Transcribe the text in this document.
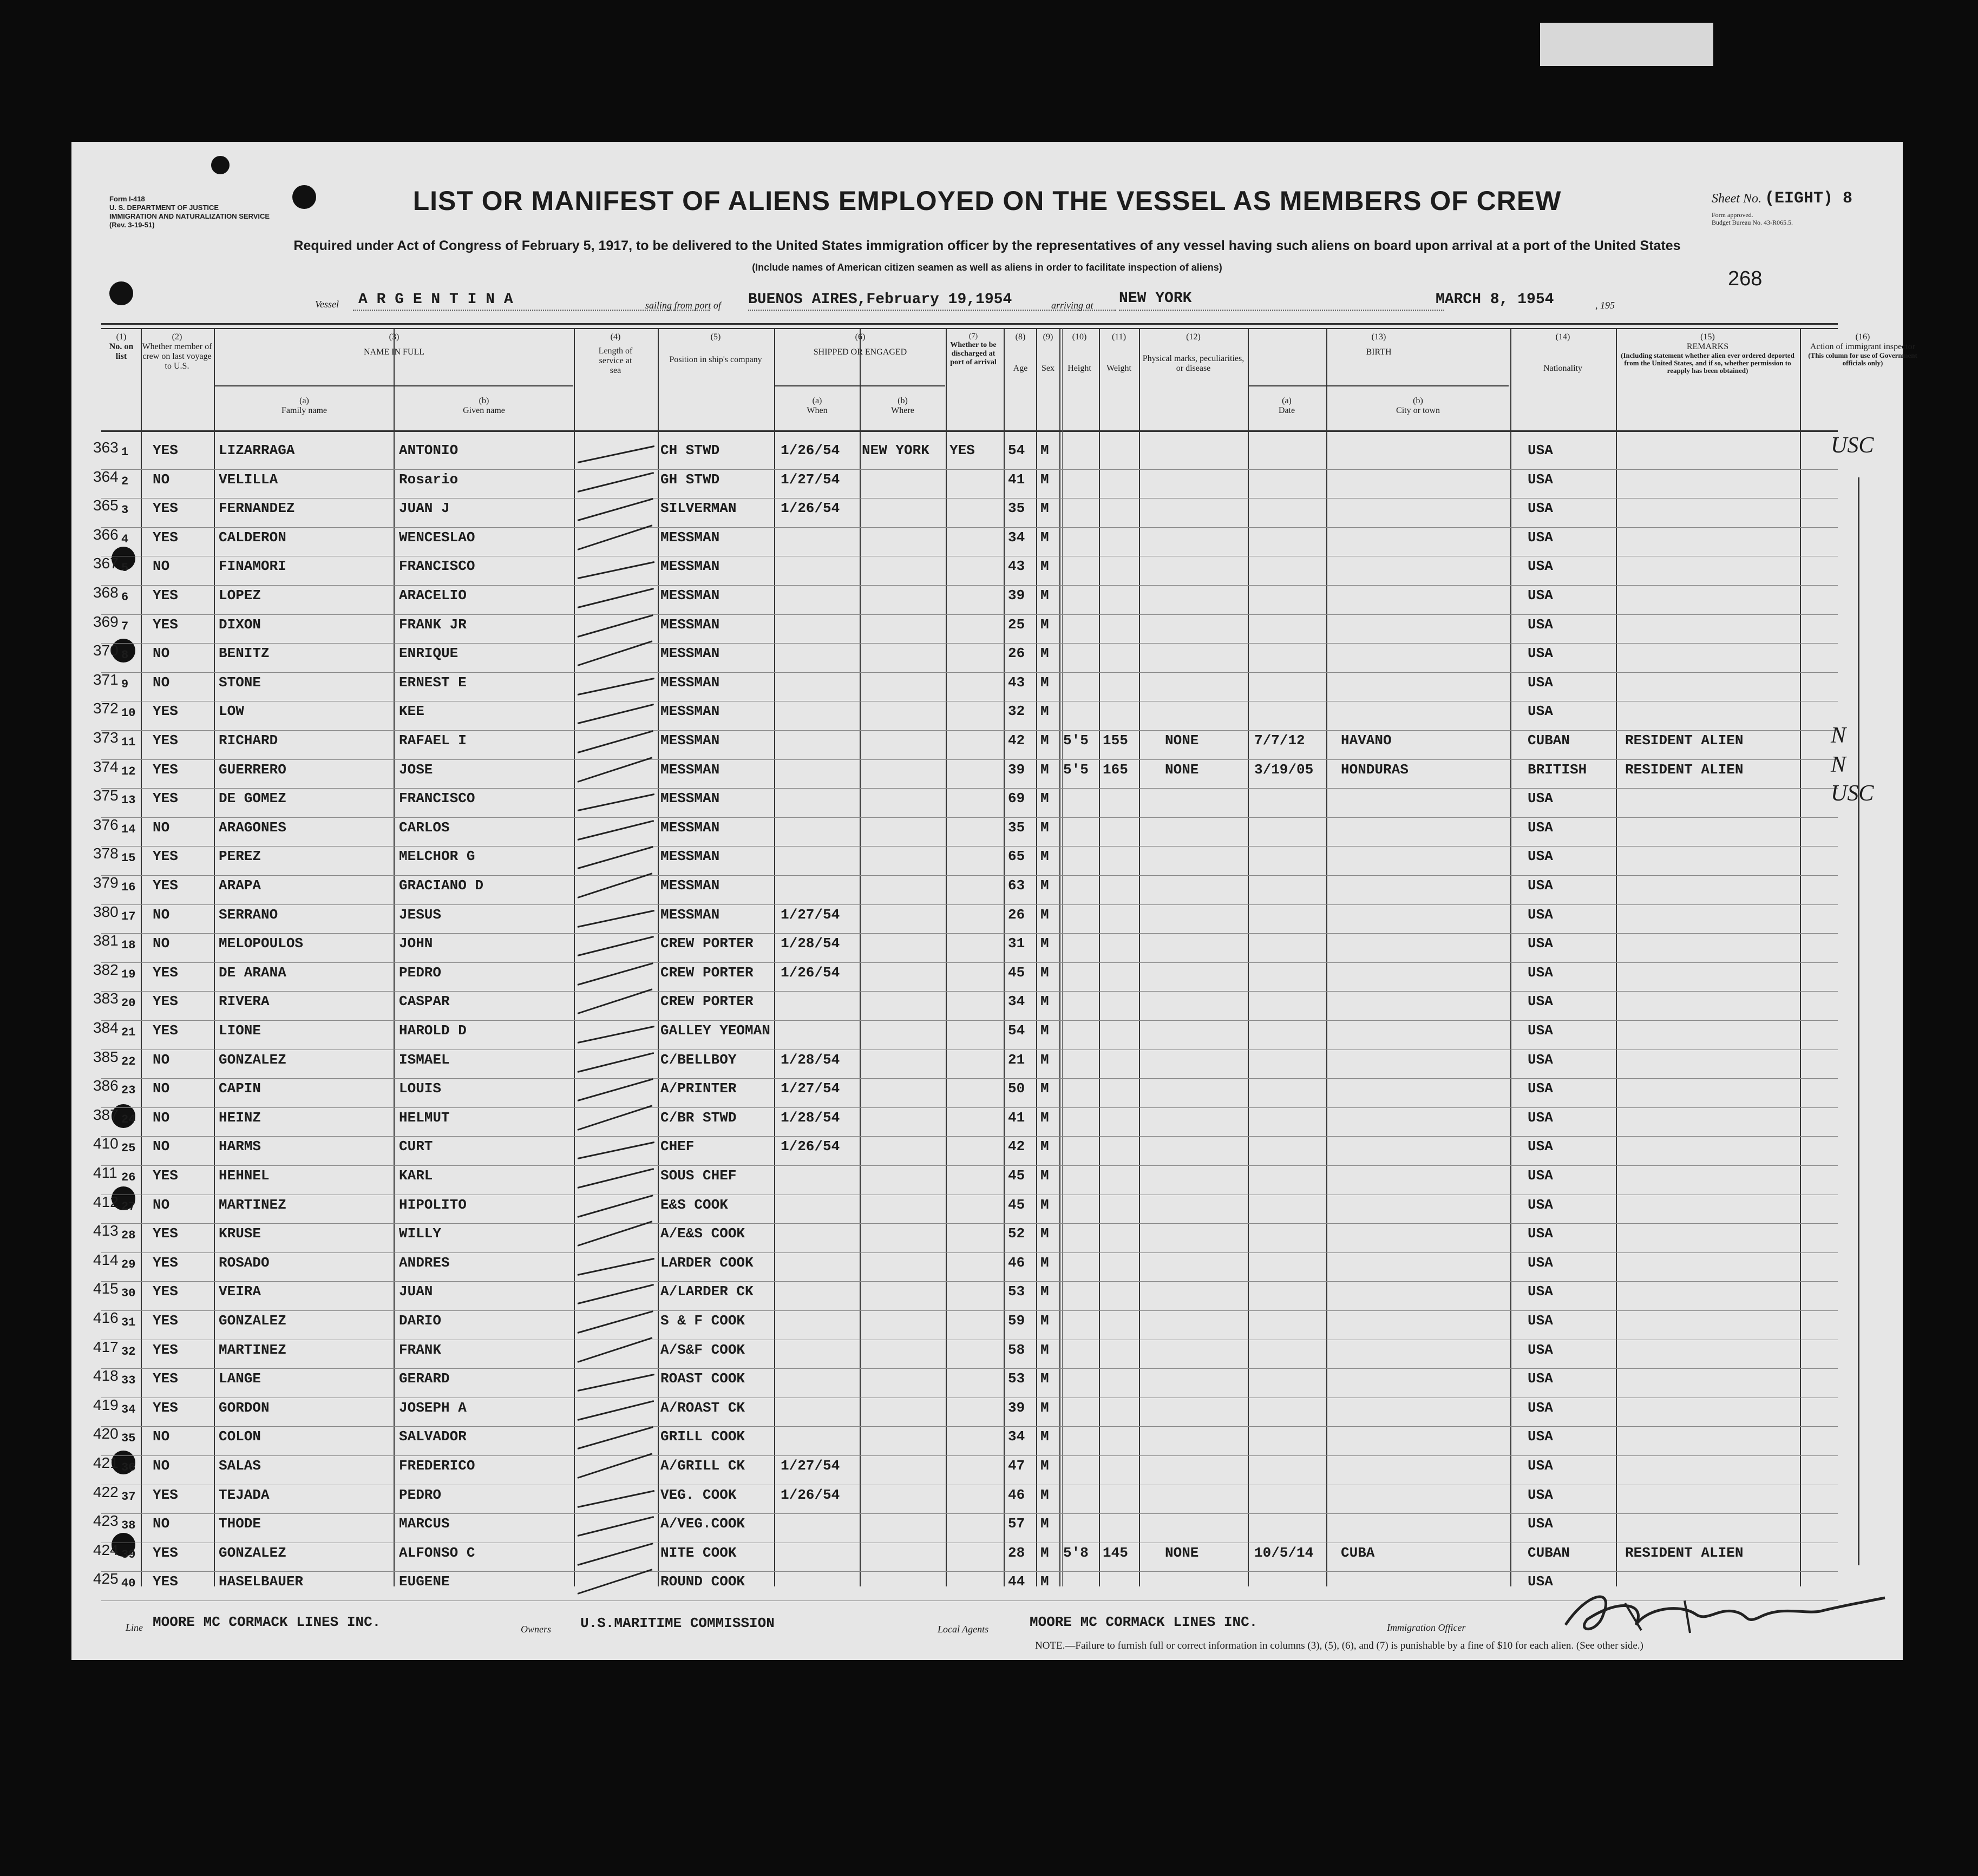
Form I-418
U. S. DEPARTMENT OF JUSTICE
IMMIGRATION AND NATURALIZATION SERVICE
(Rev. 3-19-51)
LIST OR MANIFEST OF ALIENS EMPLOYED ON THE VESSEL AS MEMBERS OF CREW	Sheet No. (EIGHT) 8
Form approved.
Budget Bureau No. 43-R065.5.
Required under Act of Congress of February 5, 1917, to be delivered to the United States immigration officer by the representatives of any vessel having such aliens on board upon arrival at a port of the United States
(Include names of American citizen seamen as well as aliens in order to facilitate inspection of aliens)	268
Vessel A R G E N T I N A	sailing from port of BUENOS AIRES,February 19,1954	arriving at NEW YORK	MARCH 8, 1954	, 195
(1)
No. on list
(2)
Whether member of crew on last voyage to U.S.
(3)
NAME IN FULL
(a)
Family name
(b)
Given name
(4)
Length of service at sea
(5)
Position in ship's company
(6)
SHIPPED OR ENGAGED
(a)
When
(b)
Where
(7)
Whether to be discharged at port of arrival
(8)
Age
(9)
Sex
(10)
Height
(11)
Weight
(12)
Physical marks, peculiarities, or disease
(13)
BIRTH
(a)
Date
(b)
City or town
(14)
Nationality
(15)
REMARKS
(Including statement whether alien ever ordered deported from the United States, and if so, whether permission to reapply has been obtained)
(16)
Action of immigrant inspector
(This column for use of Government officials only)
363 1 YES	LIZARRAGA	ANTONIO	CH STWD	1/26/54 NEW YORK YES 54 M	USA	USC
364 2 NO	VELILLA	Rosario	GH STWD	1/27/54	41 M	USA
365 3 YES	FERNANDEZ	JUAN J	SILVERMAN	1/26/54	35 M	USA
366 4 YES	CALDERON	WENCESLAO	MESSMAN	34 M	USA
367 5 NO	FINAMORI	FRANCISCO	MESSMAN	43 M	USA
368 6 YES	LOPEZ	ARACELIO	MESSMAN	39 M	USA
369 7 YES	DIXON	FRANK JR	MESSMAN	25 M	USA
370 8 NO	BENITZ	ENRIQUE	MESSMAN	26 M	USA
371 9 NO	STONE	ERNEST E	MESSMAN	43 M	USA
372 10 YES	LOW	KEE	MESSMAN	32 M	USA
373 11 YES	RICHARD	RAFAEL I	MESSMAN	42 M 5'5 155	NONE	7/7/12	HAVANO	CUBAN	RESIDENT ALIEN	N
374 12 YES	GUERRERO	JOSE	MESSMAN	39 M 5'5 165	NONE	3/19/05 HONDURAS	BRITISH	RESIDENT ALIEN	N
375 13 YES	DE GOMEZ	FRANCISCO	MESSMAN	69 M	USA	USC
376 14 NO	ARAGONES	CARLOS	MESSMAN	35 M	USA
378 15 YES	PEREZ	MELCHOR G	MESSMAN	65 M	USA
379 16 YES	ARAPA	GRACIANO D	MESSMAN	63 M	USA
380 17 NO	SERRANO	JESUS	MESSMAN	1/27/54	26 M	USA
381 18 NO	MELOPOULOS	JOHN	CREW PORTER 1/28/54	31 M	USA
382 19 YES	DE ARANA	PEDRO	CREW PORTER 1/26/54	45 M	USA
383 20 YES	RIVERA	CASPAR	CREW PORTER	34 M	USA
384 21 YES	LIONE	HAROLD D	GALLEY YEOMAN	54 M	USA
385 22 NO	GONZALEZ	ISMAEL	C/BELLBOY	1/28/54	21 M	USA
386 23 NO	CAPIN	LOUIS	A/PRINTER	1/27/54	50 M	USA
387 24 NO	HEINZ	HELMUT	C/BR STWD	1/28/54	41 M	USA
410 25 NO	HARMS	CURT	CHEF	1/26/54	42 M	USA
411 26 YES	HEHNEL	KARL	SOUS CHEF	45 M	USA
412 27 NO	MARTINEZ	HIPOLITO	E&S COOK	45 M	USA
413 28 YES	KRUSE	WILLY	A/E&S COOK	52 M	USA
414 29 YES	ROSADO	ANDRES	LARDER COOK	46 M	USA
415 30 YES	VEIRA	JUAN	A/LARDER CK	53 M	USA
416 31 YES	GONZALEZ	DARIO	S & F COOK	59 M	USA
417 32 YES	MARTINEZ	FRANK	A/S&F COOK	58 M	USA
418 33 YES	LANGE	GERARD	ROAST COOK	53 M	USA
419 34 YES	GORDON	JOSEPH A	A/ROAST CK	39 M	USA
420 35 NO	COLON	SALVADOR	GRILL COOK	34 M	USA
421 36 NO	SALAS	FREDERICO	A/GRILL CK	1/27/54	47 M	USA
422 37 YES	TEJADA	PEDRO	VEG. COOK	1/26/54	46 M	USA
423 38 NO	THODE	MARCUS	A/VEG.COOK	57 M	USA
424 39 YES	GONZALEZ	ALFONSO C	NITE COOK	28 M 5'8 145	NONE	10/5/14 CUBA	CUBAN	RESIDENT ALIEN
425 40 YES	HASELBAUER	EUGENE	ROUND COOK	44 M	USA
Line MOORE MC CORMACK LINES INC.	Owners U.S.MARITIME COMMISSION	Local Agents	MOORE MC CORMACK LINES INC.	Immigration Officer
NOTE.—Failure to furnish full or correct information in columns (3), (5), (6), and (7) is punishable by a fine of $10 for each alien. (See other side.)
